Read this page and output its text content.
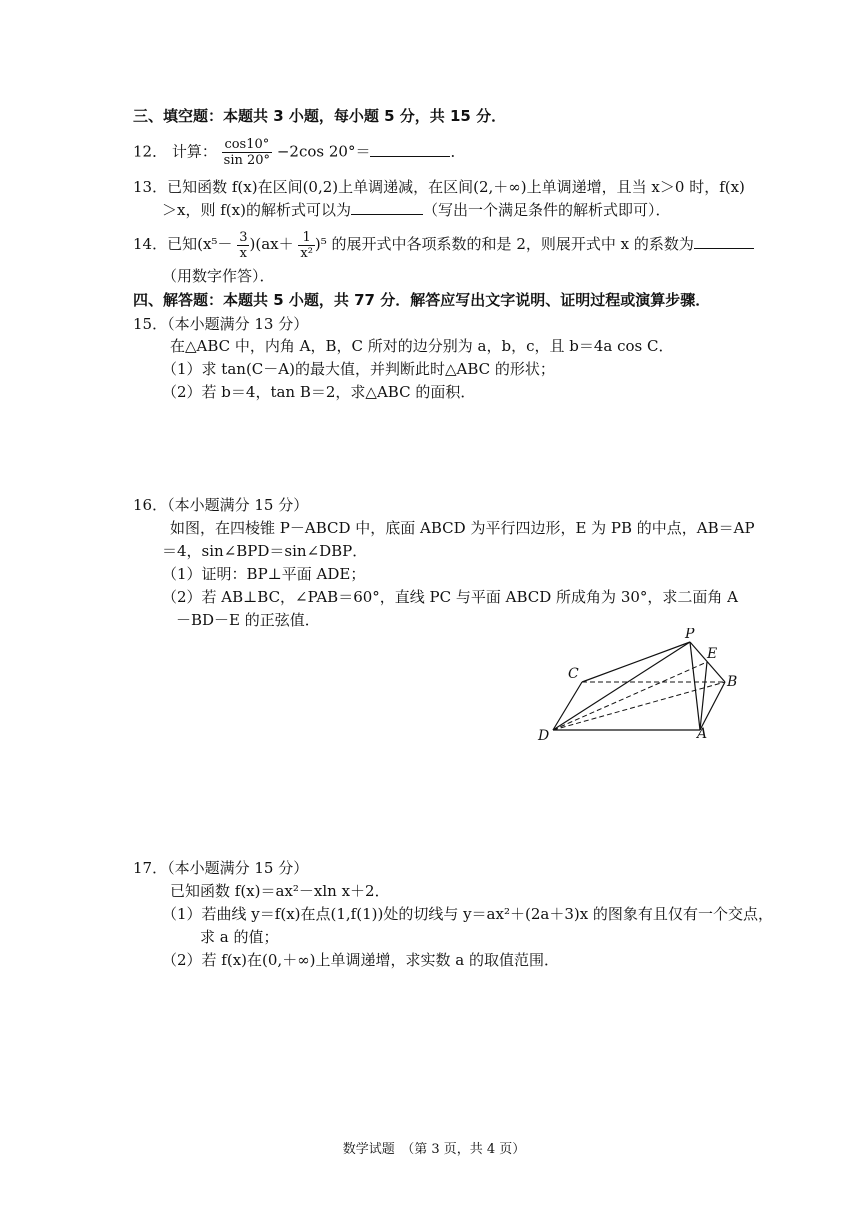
三、填空题：本题共 3 小题，每小题 5 分，共 15 分．
12． 计算： $\frac{\cos 10^\circ}{\sin 20^\circ} -2\cos$ 20°＝	．
13．已知函数 f(x)在区间(0,2)上单调递减，在区间(2,＋∞)上单调递增，且当 x＞0 时，f(x)
＞x，则 f(x)的解析式可以为	（写出一个满足条件的解析式即可）．
14．已知$(x^5- \frac{3}{x} )(ax+ \frac{1}{\text{x²}} )^5$ 的展开式中各项系数的和是 2，则展开式中 x 的系数为
（用数字作答）．
四、解答题：本题共 5 小题，共 77 分．解答应写出文字说明、证明过程或演算步骤．
15．（本小题满分 13 分）
在△ABC 中，内角 A，B，C 所对的边分别为 a，b，c，且 b＝4a cos C．
（1）求 tan(C－A)的最大值，并判断此时△ABC 的形状；
（2）若 b＝4，tan B＝2，求△ABC 的面积．
16．（本小题满分 15 分）
如图，在四棱锥 P－ABCD 中，底面 ABCD 为平行四边形，E 为 PB 的中点，AB＝AP
＝4，sin∠BPD＝sin∠DBP．
（1）证明：BP⊥平面 ADE；
（2）若 AB⊥BC，∠PAB＝60°，直线 PC 与平面 ABCD 所成角为 30°，求二面角 A
－BD－E 的正弦值．
P
E
C	B
D	A
17．（本小题满分 15 分）
已知函数 f(x)＝ax²－xln x＋2．
（1）若曲线 y＝f(x)在点(1,f(1))处的切线与 y＝ax²＋(2a＋3)x 的图象有且仅有一个交点，
求 a 的值；
（2）若 f(x)在(0,＋∞)上单调递增，求实数 a 的取值范围．
数学试题　（第 3 页，共 4 页）
